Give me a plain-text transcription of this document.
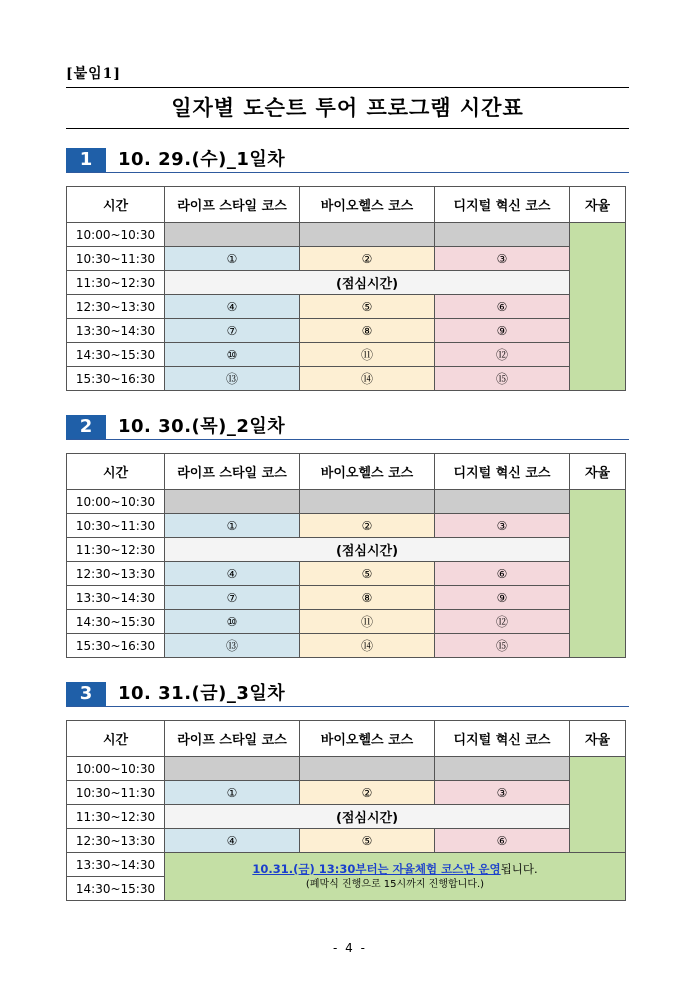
[붙임1]
일자별 도슨트 투어 프로그램 시간표
1	10. 29.(수)_1일차
시간	라이프 스타일 코스	바이오헬스 코스	디지털 혁신 코스	자율
10:00~10:30				
10:30~11:30	①	②	③	
11:30~12:30	(점심시간)			
12:30~13:30	④	⑤	⑥	
13:30~14:30	⑦	⑧	⑨	
14:30~15:30	⑩	⑪	⑫	
15:30~16:30	⑬	⑭	⑮	
2	10. 30.(목)_2일차
시간	라이프 스타일 코스	바이오헬스 코스	디지털 혁신 코스	자율
10:00~10:30				
10:30~11:30	①	②	③	
11:30~12:30	(점심시간)			
12:30~13:30	④	⑤	⑥	
13:30~14:30	⑦	⑧	⑨	
14:30~15:30	⑩	⑪	⑫	
15:30~16:30	⑬	⑭	⑮	
3	10. 31.(금)_3일차
시간	라이프 스타일 코스	바이오헬스 코스	디지털 혁신 코스	자율
10:00~10:30				
10:30~11:30	①	②	③	
11:30~12:30	(점심시간)			
12:30~13:30	④	⑤	⑥	
13:30~14:30	10.31.(금) 13:30부터는 자율체험 코스만 운영됩니다.
(폐막식 진행으로 15시까지 진행합니다.)			

14:30~15:30				
- 4 -
